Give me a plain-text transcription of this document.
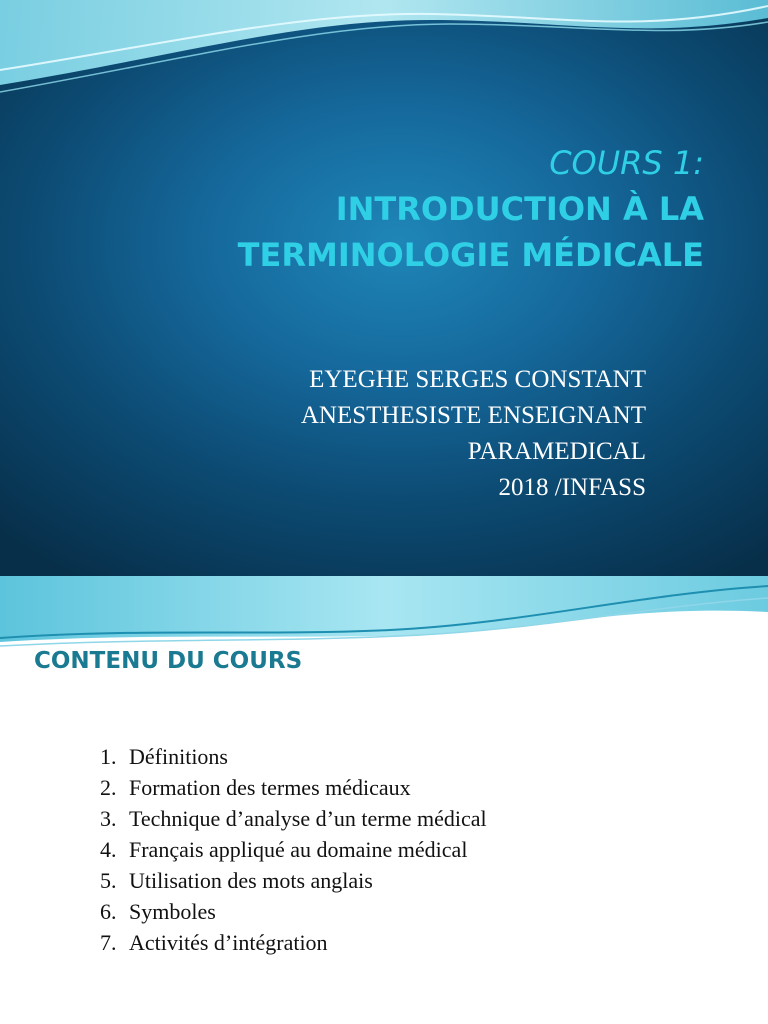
COURS 1:
INTRODUCTION À LA
TERMINOLOGIE MÉDICALE
EYEGHE SERGES CONSTANT
ANESTHESISTE ENSEIGNANT
PARAMEDICAL
2018 /INFASS
CONTENU DU COURS
1. Définitions
2. Formation des termes médicaux
3. Technique d’analyse d’un terme médical
4. Français appliqué au domaine médical
5. Utilisation des mots anglais
6. Symboles
7. Activités d’intégration
